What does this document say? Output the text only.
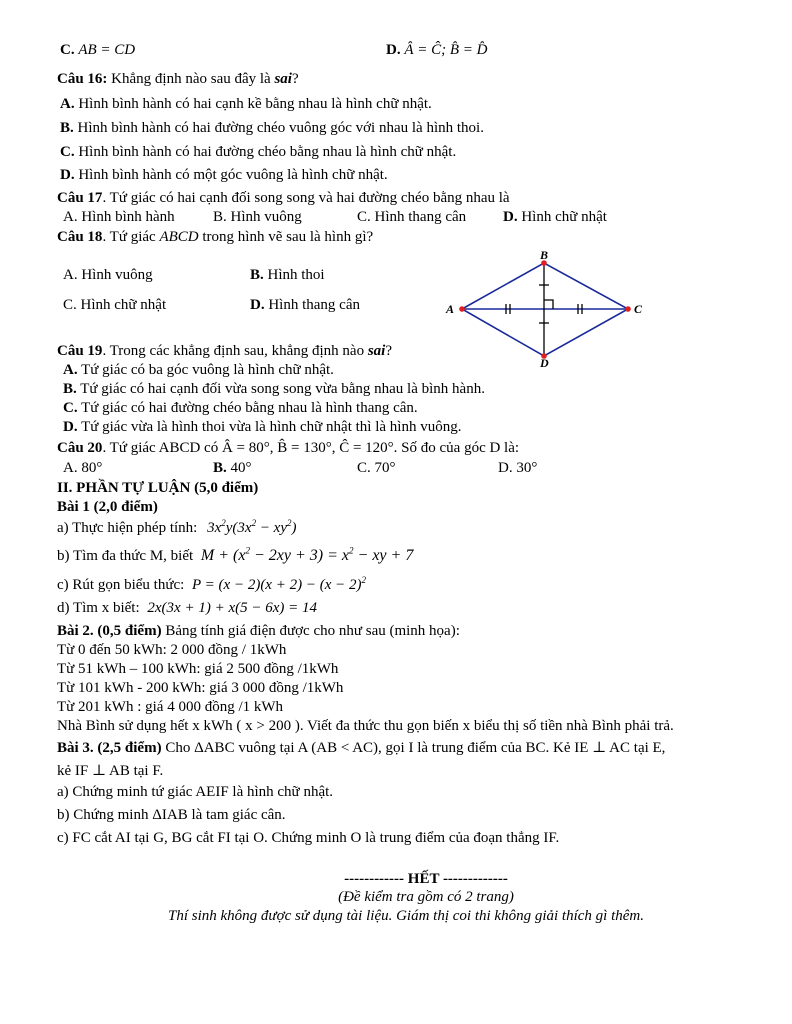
C. AB = CD	D. Â = Ĉ; B̂ = D̂
Câu 16: Khẳng định nào sau đây là sai?
A. Hình bình hành có hai cạnh kề bằng nhau là hình chữ nhật.
B. Hình bình hành có hai đường chéo vuông góc với nhau là hình thoi.
C. Hình bình hành có hai đường chéo bằng nhau là hình chữ nhật.
D. Hình bình hành có một góc vuông là hình chữ nhật.
Câu 17. Tứ giác có hai cạnh đối song song và hai đường chéo bằng nhau là
A. Hình bình hành	B. Hình vuông	C. Hình thang cân D. Hình chữ nhật
Câu 18. Tứ giác ABCD trong hình vẽ sau là hình gì?
A. Hình vuông	B. Hình thoi
C. Hình chữ nhật	D. Hình thang cân	A
B
C
D
Câu 19. Trong các khẳng định sau, khẳng định nào sai?
A. Tứ giác có ba góc vuông là hình chữ nhật.
B. Tứ giác có hai cạnh đối vừa song song vừa bằng nhau là bình hành.
C. Tứ giác có hai đường chéo bằng nhau là hình thang cân.
D. Tứ giác vừa là hình thoi vừa là hình chữ nhật thì là hình vuông.
Câu 20. Tứ giác ABCD có Â = 80°, B̂ = 130°, Ĉ = 120°. Số đo của góc D là:
A. 80°	B. 40°	C. 70°	D. 30°
II. PHẦN TỰ LUẬN (5,0 điểm)
Bài 1 (2,0 điểm)
a) Thực hiện phép tính: $3x^2y(3x^2 - xy^2)$
b) Tìm đa thức M, biết $M + (x^2 - 2xy + 3) = x^2$ − xy + 7
c) Rút gọn biểu thức: $P = (x - 2)(x + 2) - (x - 2)^2$
d) Tìm x biết: 2x(3x + 1) + x(5 − 6x) = 14
Bài 2. (0,5 điểm) Bảng tính giá điện được cho như sau (minh họa):
Từ 0 đến 50 kWh: 2 000 đồng / 1kWh
Từ 51 kWh – 100 kWh: giá 2 500 đồng /1kWh
Từ 101 kWh - 200 kWh: giá 3 000 đồng /1kWh
Từ 201 kWh : giá 4 000 đồng /1 kWh
Nhà Bình sử dụng hết x kWh ( x > 200 ). Viết đa thức thu gọn biến x biểu thị số tiền nhà Bình phải trả.
Bài 3. (2,5 điểm) Cho ΔABC vuông tại A (AB < AC), gọi I là trung điểm của BC. Kẻ IE ⊥ AC tại E,
kẻ IF ⊥ AB tại F.
a) Chứng minh tứ giác AEIF là hình chữ nhật.
b) Chứng minh ΔIAB là tam giác cân.
c) FC cắt AI tại G, BG cắt FI tại O. Chứng minh O là trung điểm của đoạn thẳng IF.
------------ HẾT -------------
(Đề kiểm tra gồm có 2 trang)
Thí sinh không được sử dụng tài liệu. Giám thị coi thi không giải thích gì thêm.
